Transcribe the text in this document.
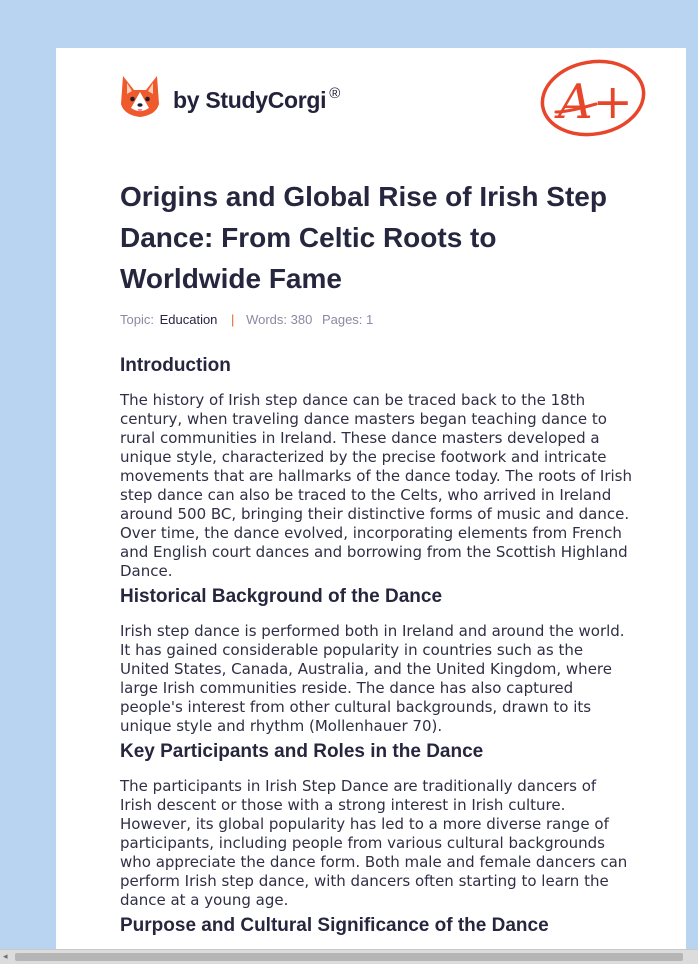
by StudyCorgi ®	A+
Origins and Global Rise of Irish Step Dance: From Celtic Roots to Worldwide Fame
Topic: Education | Words: 380 Pages: 1
Introduction

The history of Irish step dance can be traced back to the 18th century, when traveling dance masters began teaching dance to rural communities in Ireland. These dance masters developed a unique style, characterized by the precise footwork and intricate movements that are hallmarks of the dance today. The roots of Irish step dance can also be traced to the Celts, who arrived in Ireland around 500 BC, bringing their distinctive forms of music and dance. Over time, the dance evolved, incorporating elements from French and English court dances and borrowing from the Scottish Highland Dance.

Historical Background of the Dance

Irish step dance is performed both in Ireland and around the world. It has gained considerable popularity in countries such as the United States, Canada, Australia, and the United Kingdom, where large Irish communities reside. The dance has also captured people's interest from other cultural backgrounds, drawn to its unique style and rhythm (Mollenhauer 70).

Key Participants and Roles in the Dance

The participants in Irish Step Dance are traditionally dancers of Irish descent or those with a strong interest in Irish culture. However, its global popularity has led to a more diverse range of participants, including people from various cultural backgrounds who appreciate the dance form. Both male and female dancers can perform Irish step dance, with dancers often starting to learn the dance at a young age.

Purpose and Cultural Significance of the Dance

◂
